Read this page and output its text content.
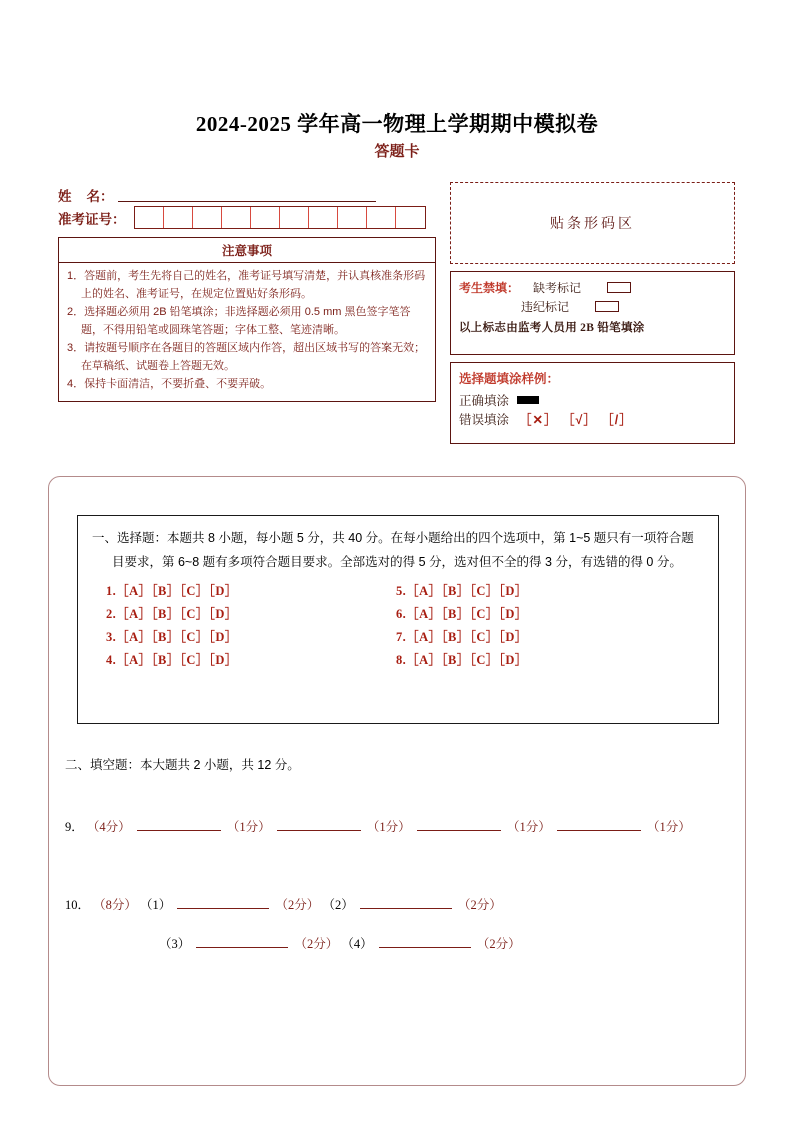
2024-2025 学年高一物理上学期期中模拟卷
答题卡
姓    名：
准考证号：
注意事项
1．答题前，考生先将自己的姓名，准考证号填写清楚，并认真核准条形码上的姓名、准考证号，在规定位置贴好条形码。
2．选择题必须用 2B 铅笔填涂；非选择题必须用 0.5 mm 黑色签字笔答题，不得用铅笔或圆珠笔答题；字体工整、笔迹清晰。
3．请按题号顺序在各题目的答题区域内作答，超出区域书写的答案无效；在草稿纸、试题卷上答题无效。
4．保持卡面清洁，不要折叠、不要弄破。
贴条形码区
考生禁填： 缺考标记
违纪标记
以上标志由监考人员用 2B 铅笔填涂
选择题填涂样例：
正确填涂
错误填涂 ［✕］ ［√］ ［/］
一、选择题：本题共 8 小题，每小题 5 分，共 40 分。在每小题给出的四个选项中，第 1~5 题只有一项符合题目要求，第 6~8 题有多项符合题目要求。全部选对的得 5 分，选对但不全的得 3 分，有选错的得 0 分。
1.［A］［B］［C］［D］
2.［A］［B］［C］［D］
3.［A］［B］［C］［D］
4.［A］［B］［C］［D］
5.［A］［B］［C］［D］
6.［A］［B］［C］［D］
7.［A］［B］［C］［D］
8.［A］［B］［C］［D］
二、填空题：本大题共 2 小题，共 12 分。
9． （4分）	（1分）	（1分）	（1分）	（1分）
10． （8分） （1）	（2分） （2）	（2分）
（3）	（2分） （4）	（2分）
